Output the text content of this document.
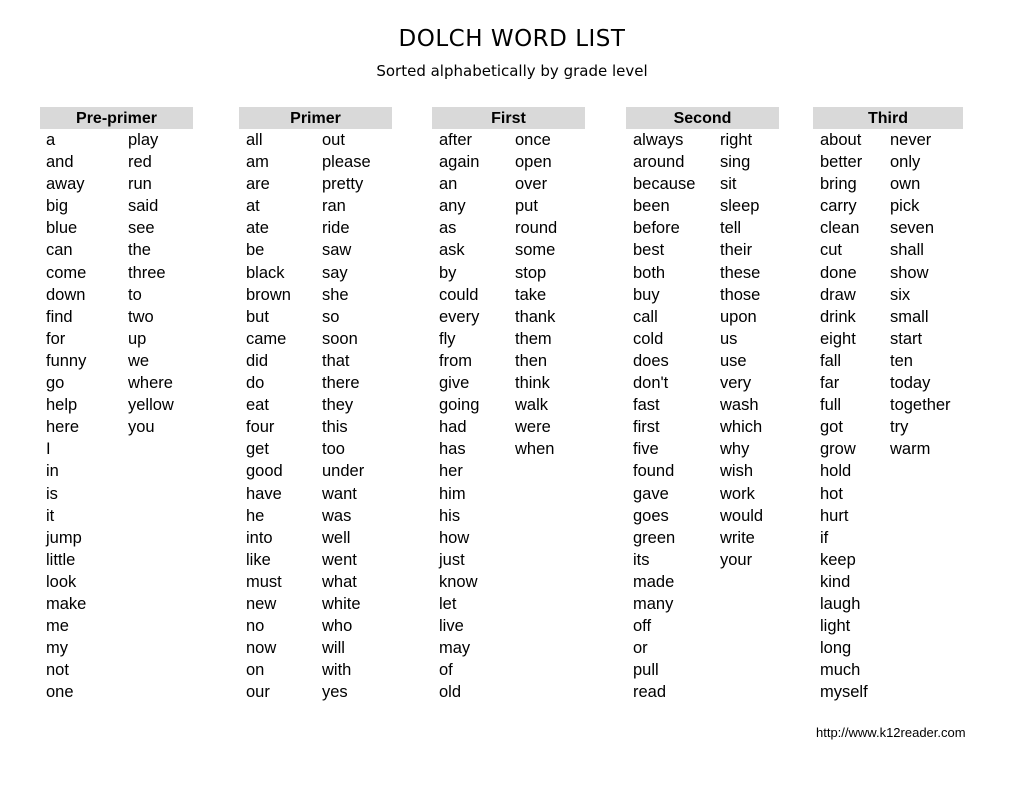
DOLCH WORD LIST
Sorted alphabetically by grade level
Pre-primer
a
and
away
big
blue
can
come
down
find
for
funny
go
help
here
I
in
is
it
jump
little
look
make
me
my
not
one
play
red
run
said
see
the
three
to
two
up
we
where
yellow
you
Primer
all
am
are
at
ate
be
black
brown
but
came
did
do
eat
four
get
good
have
he
into
like
must
new
no
now
on
our
out
please
pretty
ran
ride
saw
say
she
so
soon
that
there
they
this
too
under
want
was
well
went
what
white
who
will
with
yes
First
after
again
an
any
as
ask
by
could
every
fly
from
give
going
had
has
her
him
his
how
just
know
let
live
may
of
old
once
open
over
put
round
some
stop
take
thank
them
then
think
walk
were
when
Second
always
around
because
been
before
best
both
buy
call
cold
does
don't
fast
first
five
found
gave
goes
green
its
made
many
off
or
pull
read
right
sing
sit
sleep
tell
their
these
those
upon
us
use
very
wash
which
why
wish
work
would
write
your
Third
about
better
bring
carry
clean
cut
done
draw
drink
eight
fall
far
full
got
grow
hold
hot
hurt
if
keep
kind
laugh
light
long
much
myself
never
only
own
pick
seven
shall
show
six
small
start
ten
today
together
try
warm
http://www.k12reader.com
